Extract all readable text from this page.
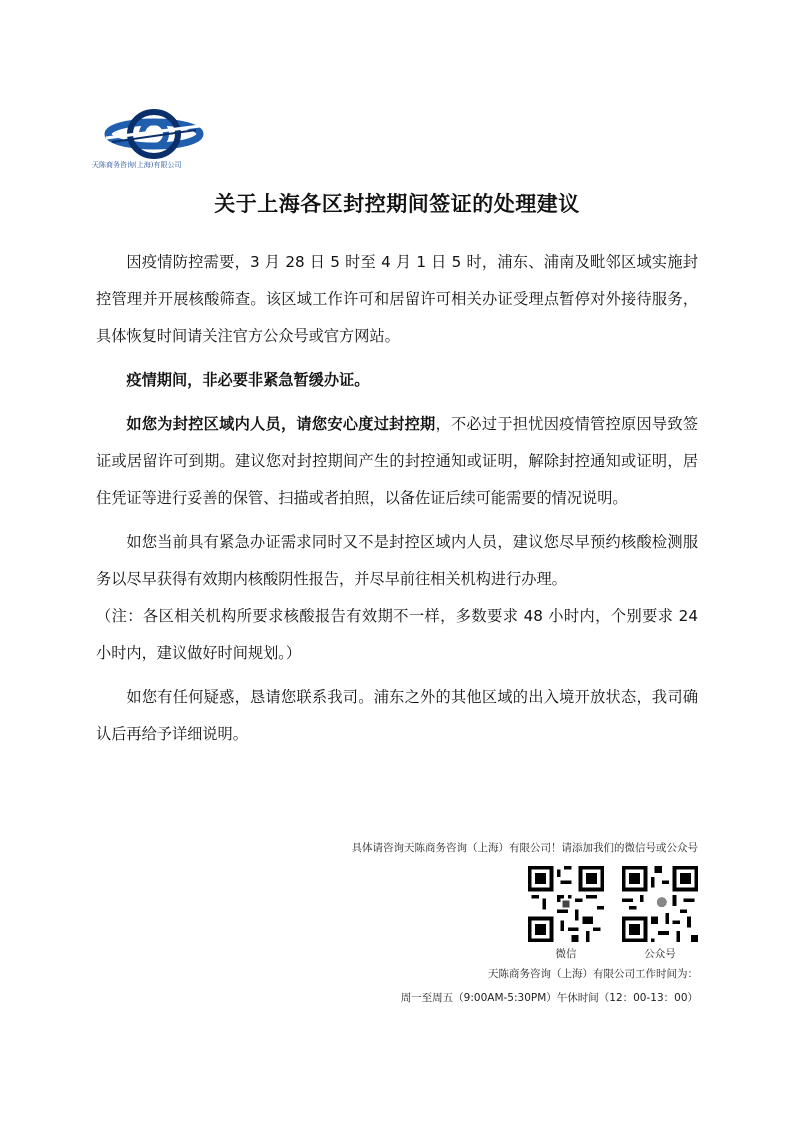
天陈商务咨询(上海)有限公司
关于上海各区封控期间签证的处理建议

因疫情防控需要，3 月 28 日 5 时至 4 月 1 日 5 时，浦东、浦南及毗邻区域实施封控管理并开展核酸筛查。该区域工作许可和居留许可相关办证受理点暂停对外接待服务，具体恢复时间请关注官方公众号或官方网站。

疫情期间，非必要非紧急暂缓办证。

如您为封控区域内人员，请您安心度过封控期，不必过于担忧因疫情管控原因导致签证或居留许可到期。建议您对封控期间产生的封控通知或证明，解除封控通知或证明，居住凭证等进行妥善的保管、扫描或者拍照，以备佐证后续可能需要的情况说明。

如您当前具有紧急办证需求同时又不是封控区域内人员，建议您尽早预约核酸检测服务以尽早获得有效期内核酸阴性报告，并尽早前往相关机构进行办理。

（注：各区相关机构所要求核酸报告有效期不一样，多数要求 48 小时内，个别要求 24 小时内，建议做好时间规划。）

如您有任何疑惑，恳请您联系我司。浦东之外的其他区域的出入境开放状态，我司确认后再给予详细说明。

具体请咨询天陈商务咨询（上海）有限公司！请添加我们的微信号或公众号
微信	公众号
天陈商务咨询（上海）有限公司工作时间为：
周一至周五（9:00AM-5:30PM）午休时间（12：00-13：00）
